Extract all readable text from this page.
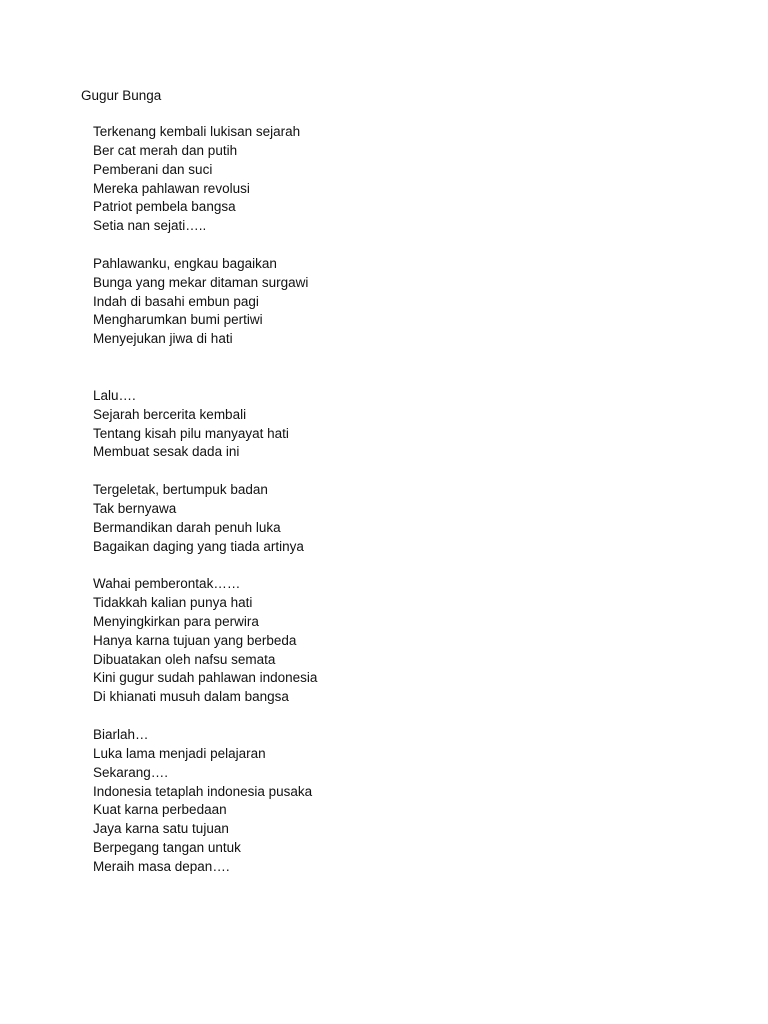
Gugur Bunga
Terkenang kembali lukisan sejarah
Ber cat merah dan putih
Pemberani dan suci
Mereka pahlawan revolusi
Patriot pembela bangsa
Setia nan sejati…..
Pahlawanku, engkau bagaikan
Bunga yang mekar ditaman surgawi
Indah di basahi embun pagi
Mengharumkan bumi pertiwi
Menyejukan jiwa di hati
Lalu….
Sejarah bercerita kembali
Tentang kisah pilu manyayat hati
Membuat sesak dada ini
Tergeletak, bertumpuk badan
Tak bernyawa
Bermandikan darah penuh luka
Bagaikan daging yang tiada artinya
Wahai pemberontak……
Tidakkah kalian punya hati
Menyingkirkan para perwira
Hanya karna tujuan yang berbeda
Dibuatakan oleh nafsu semata
Kini gugur sudah pahlawan indonesia
Di khianati musuh dalam bangsa
Biarlah…
Luka lama menjadi pelajaran
Sekarang….
Indonesia tetaplah indonesia pusaka
Kuat karna perbedaan
Jaya karna satu tujuan
Berpegang tangan untuk
Meraih masa depan….
